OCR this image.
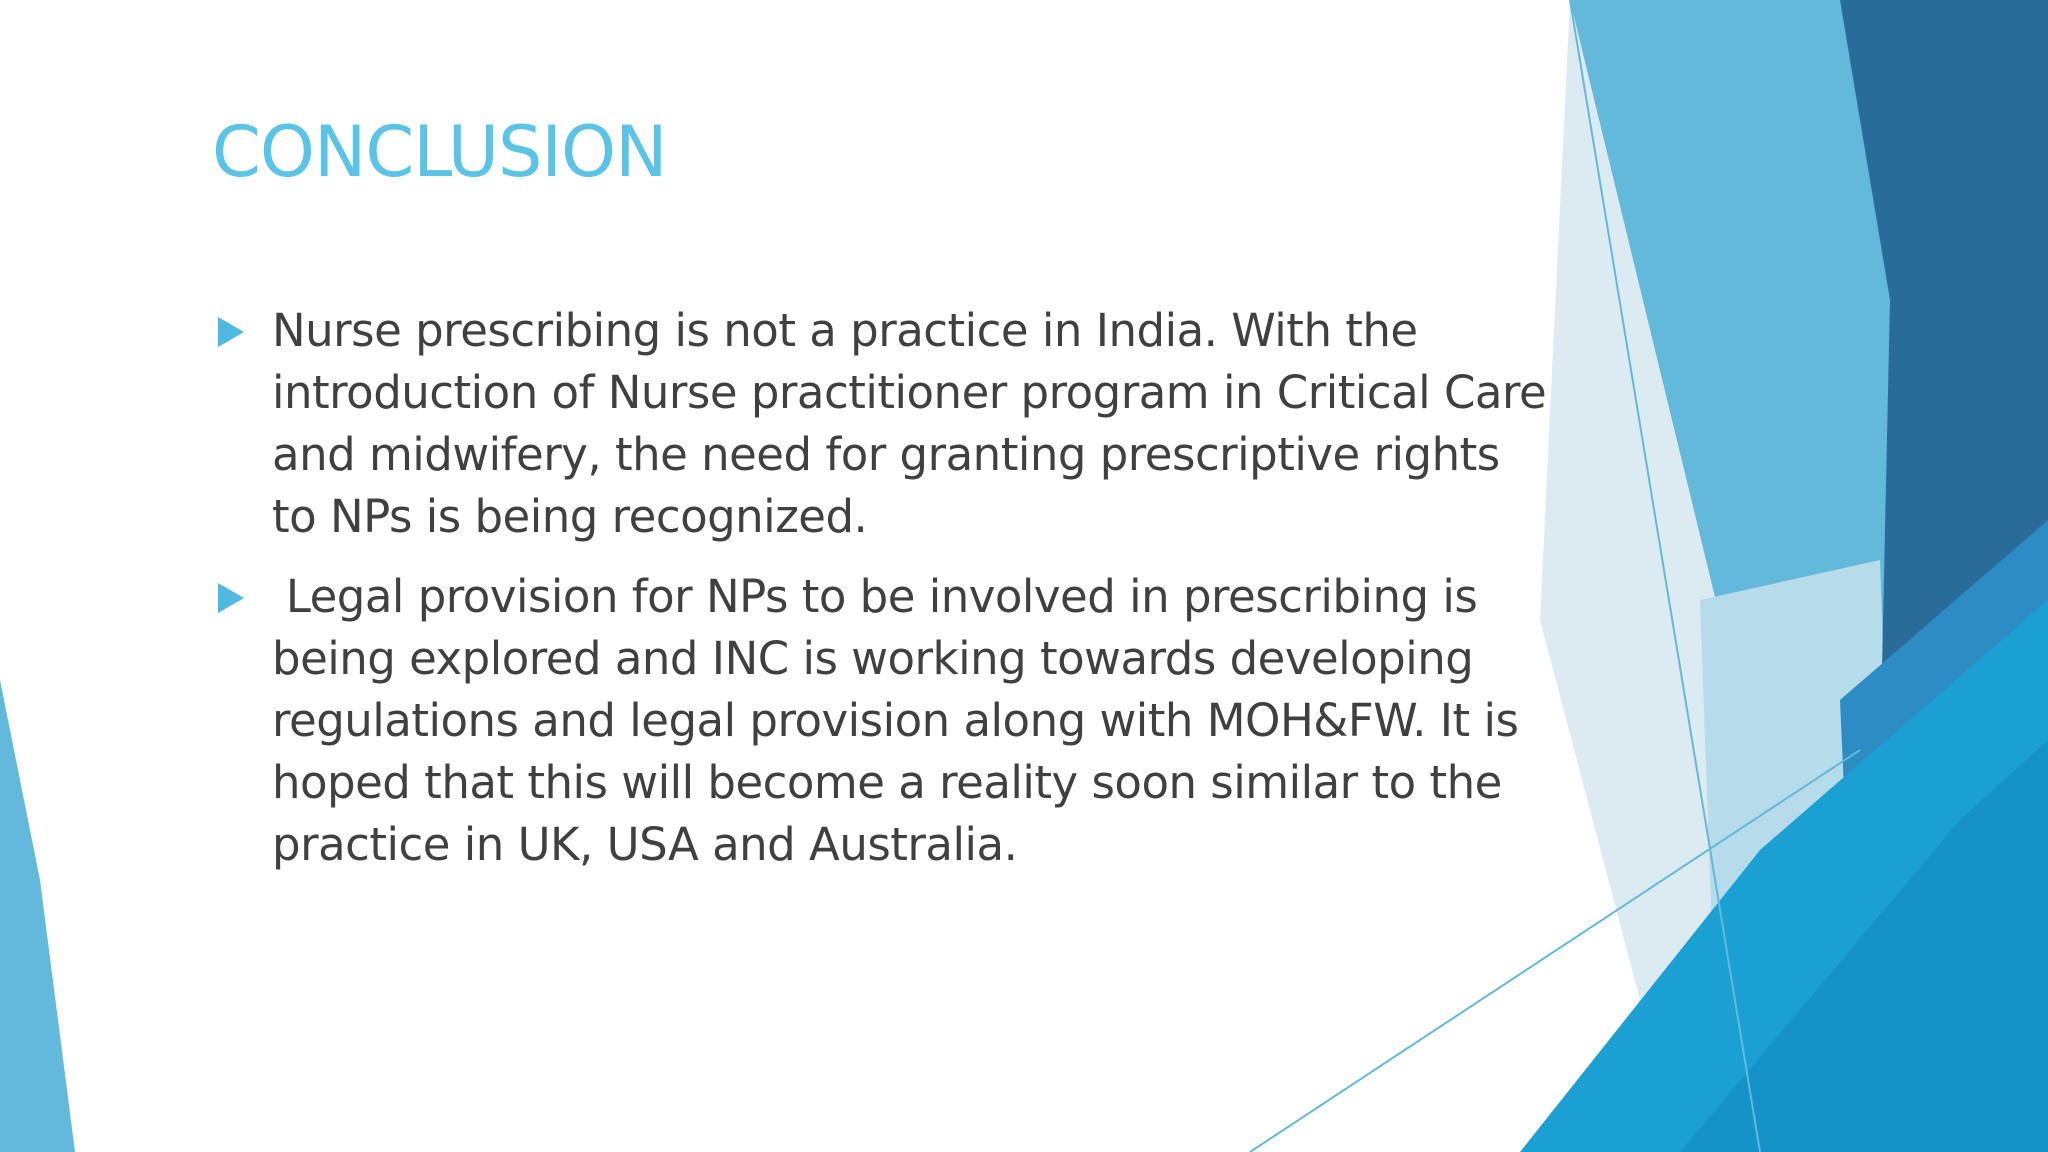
CONCLUSION
Nurse prescribing is not a practice in India. With the introduction of Nurse practitioner program in Critical Care and midwifery, the need for granting prescriptive rights to NPs is being recognized.
Legal provision for NPs to be involved in prescribing is being explored and INC is working towards developing regulations and legal provision along with MOH&FW. It is hoped that this will become a reality soon similar to the practice in UK, USA and Australia.
